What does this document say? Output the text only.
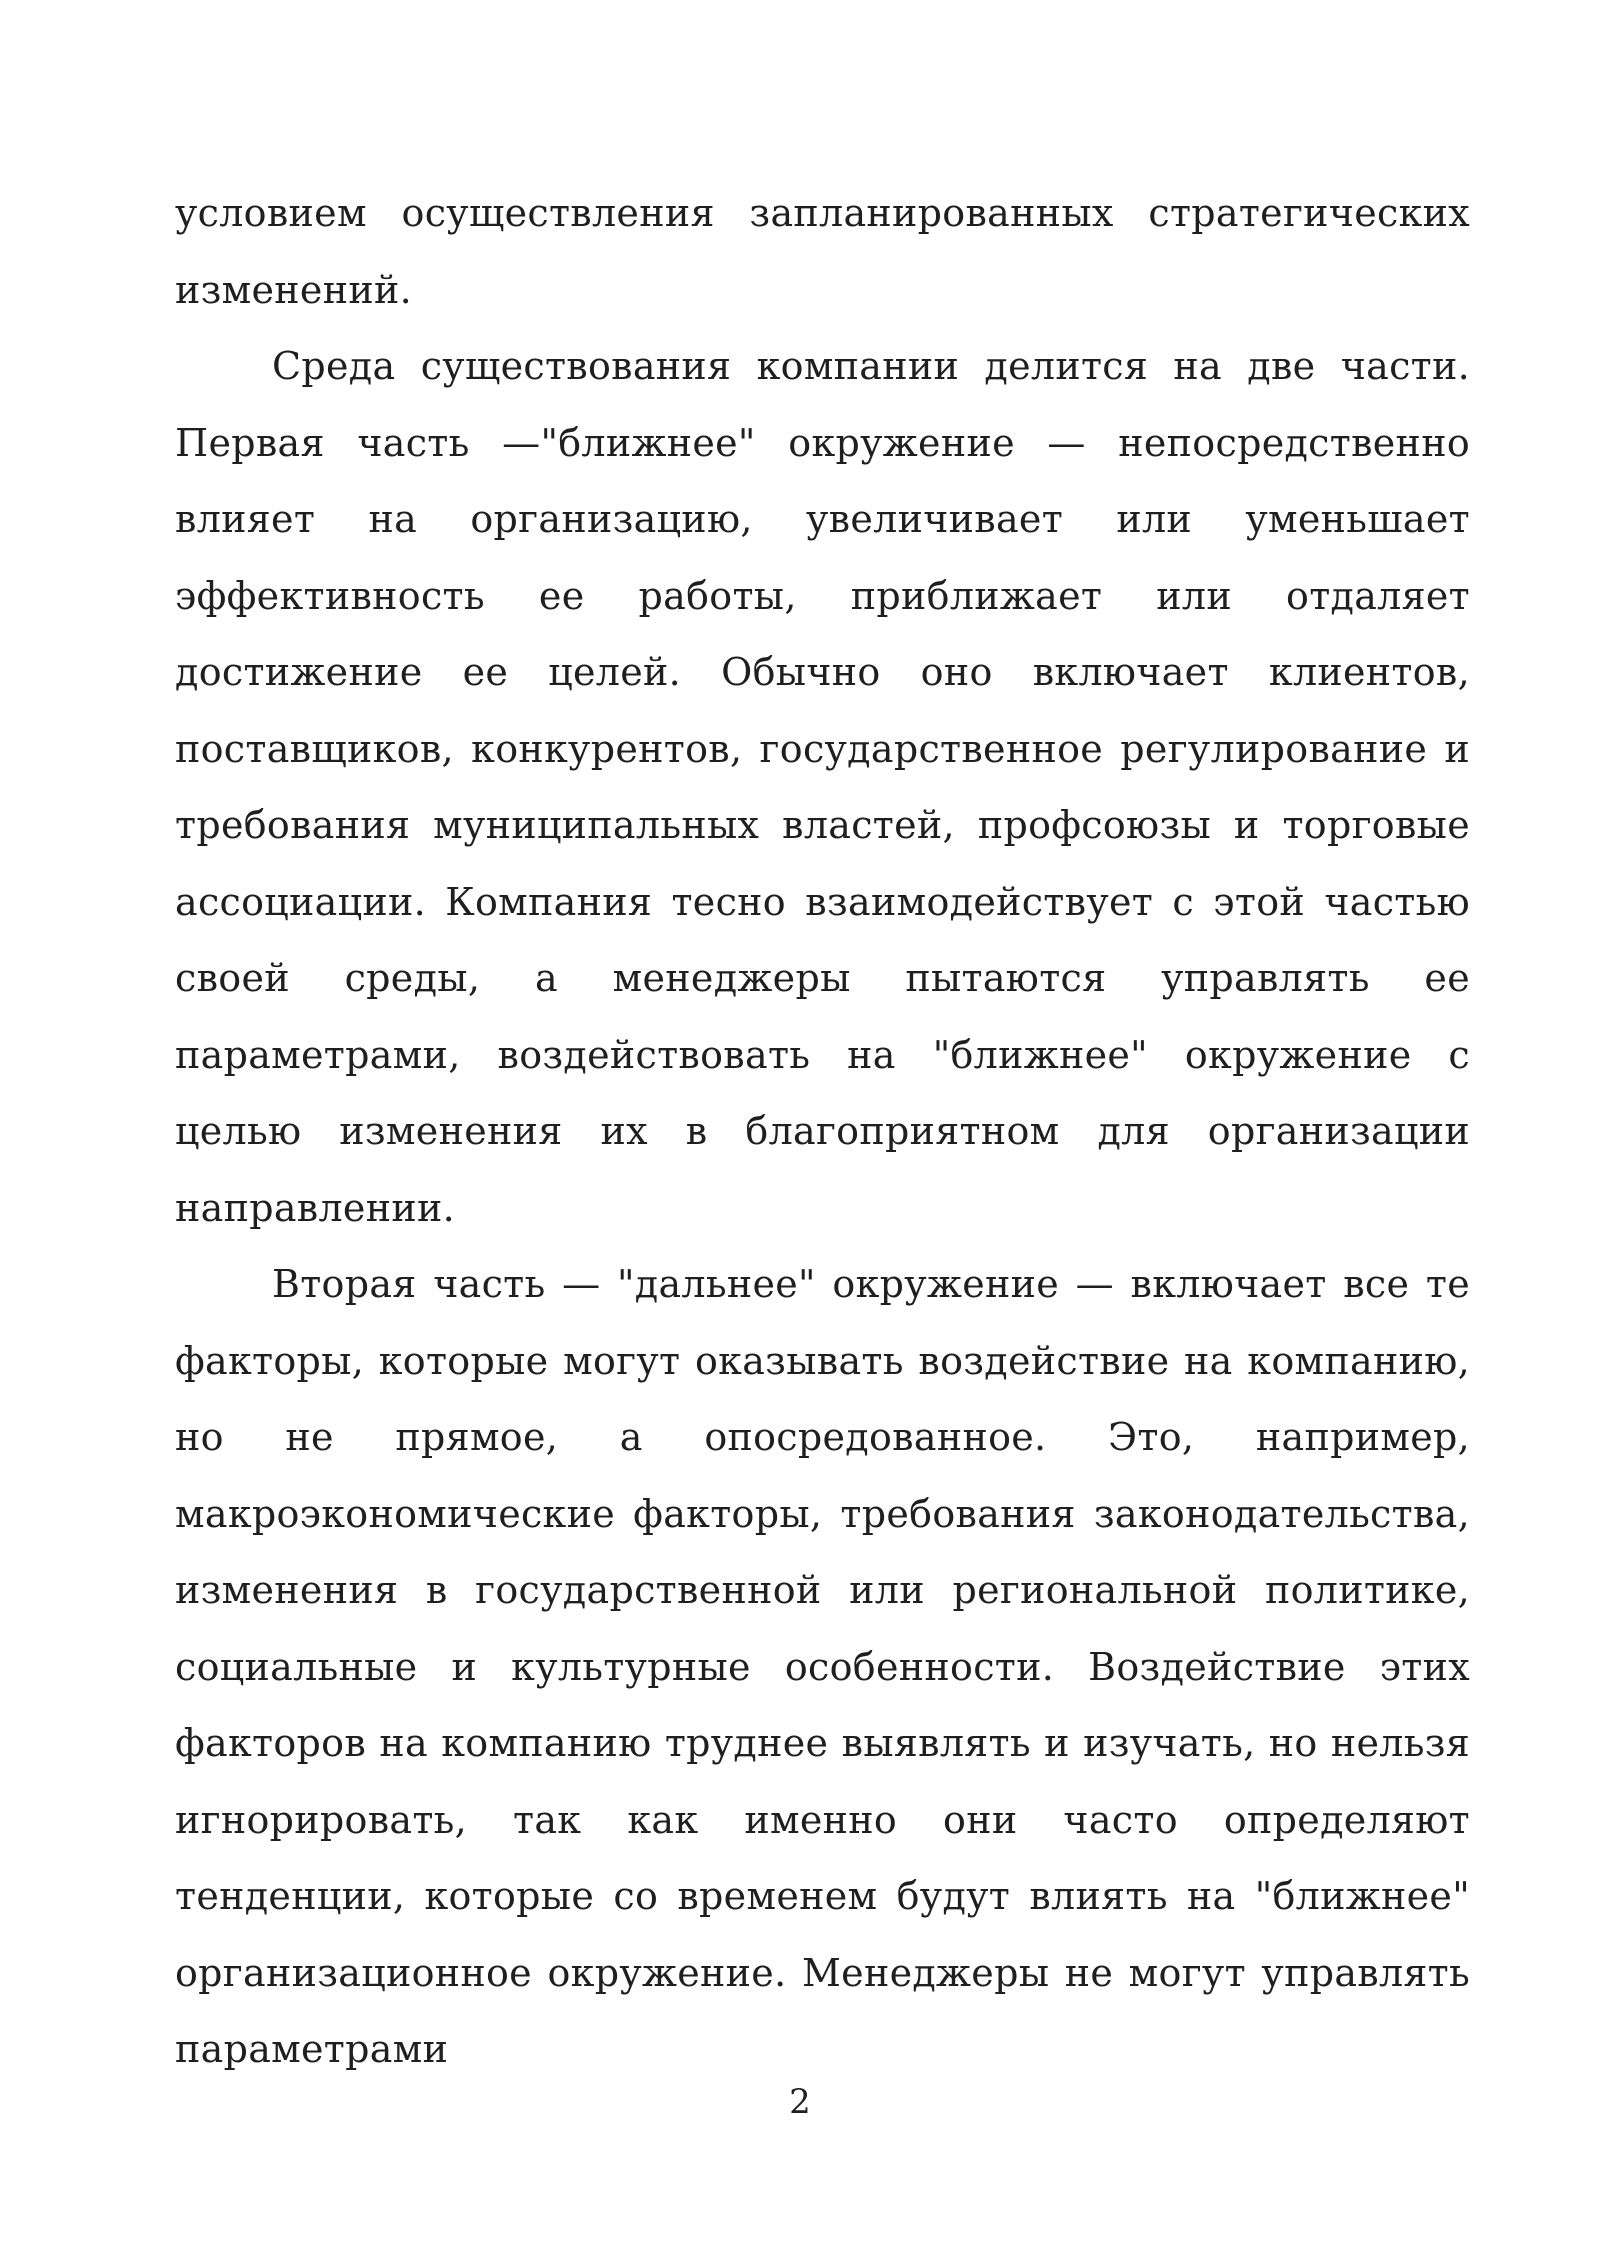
условием осуществления запланированных стратегических изменений.

Среда существования компании делится на две части. Первая часть —"ближнее" окружение — непосредственно влияет на организацию, увеличивает или уменьшает эффективность ее работы, приближает или отдаляет достижение ее целей. Обычно оно включает клиентов, поставщиков, конкурентов, государственное регулирование и требования муниципальных властей, профсоюзы и торговые ассоциации. Компания тесно взаимодействует с этой частью своей среды, а менеджеры пытаются управлять ее параметрами, воздействовать на "ближнее" окружение с целью изменения их в благоприятном для организации направлении.

Вторая часть — "дальнее" окружение — включает все те факторы, которые могут оказывать воздействие на компанию, но не прямое, а опосредованное. Это, например, макроэкономические факторы, требования законодательства, изменения в государственной или региональной политике, социальные и культурные особенности. Воздействие этих факторов на компанию труднее выявлять и изучать, но нельзя игнорировать, так как именно они часто определяют тенденции, которые со временем будут влиять на "ближнее" организационное окружение. Менеджеры не могут управлять параметрами

2
